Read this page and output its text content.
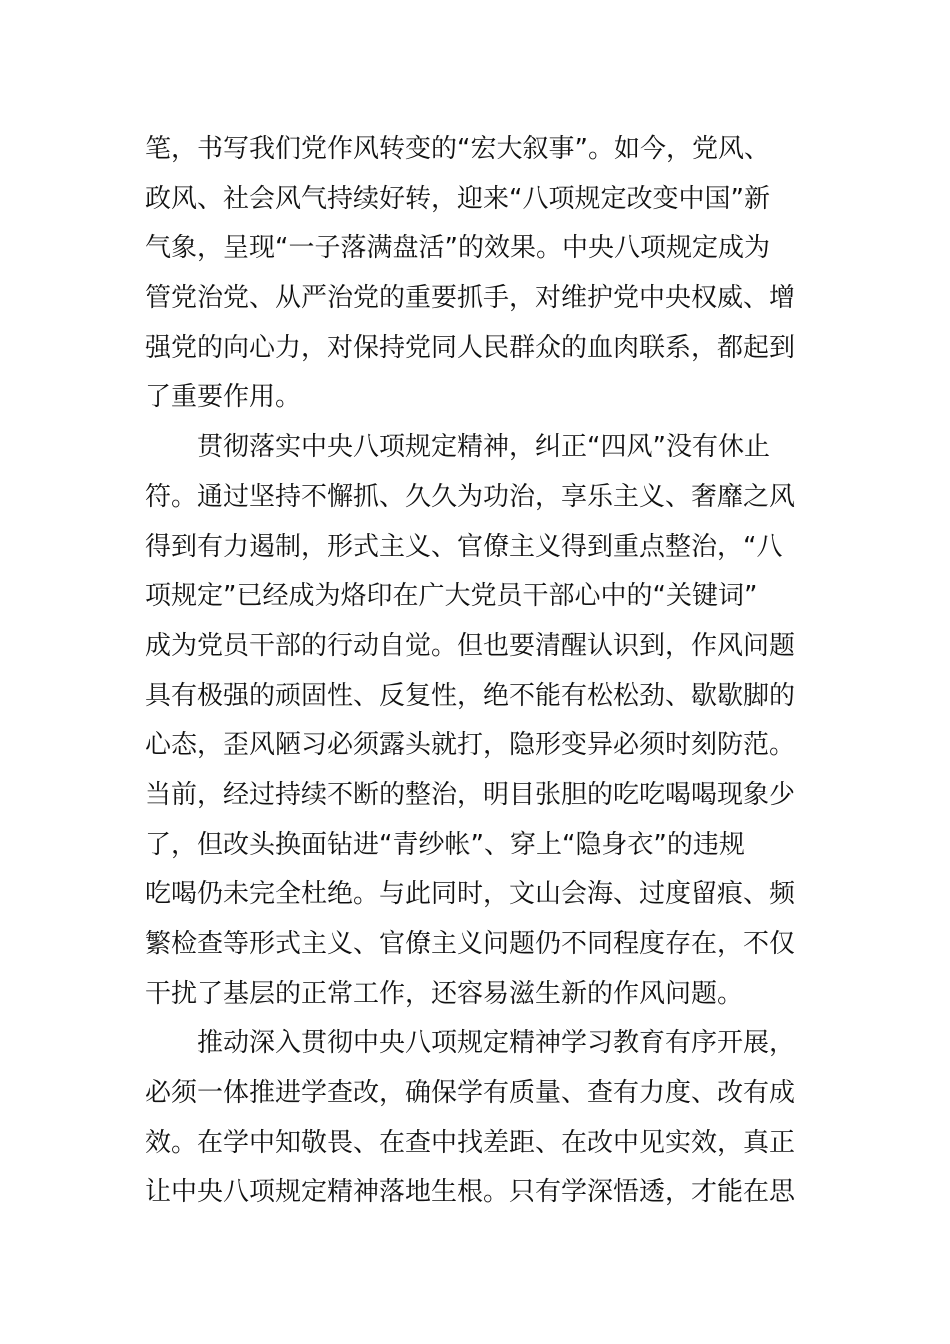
笔，书写我们党作风转变的“宏大叙事”。如今，党风、
政风、社会风气持续好转，迎来“八项规定改变中国”新
气象，呈现“一子落满盘活”的效果。中央八项规定成为
管党治党、从严治党的重要抓手，对维护党中央权威、增
强党的向心力，对保持党同人民群众的血肉联系，都起到
了重要作用。
贯彻落实中央八项规定精神，纠正“四风”没有休止
符。通过坚持不懈抓、久久为功治，享乐主义、奢靡之风
得到有力遏制，形式主义、官僚主义得到重点整治，“八
项规定”已经成为烙印在广大党员干部心中的“关键词”
成为党员干部的行动自觉。但也要清醒认识到，作风问题
具有极强的顽固性、反复性，绝不能有松松劲、歇歇脚的
心态，歪风陋习必须露头就打，隐形变异必须时刻防范。
当前，经过持续不断的整治，明目张胆的吃吃喝喝现象少
了，但改头换面钻进“青纱帐”、穿上“隐身衣”的违规
吃喝仍未完全杜绝。与此同时，文山会海、过度留痕、频
繁检查等形式主义、官僚主义问题仍不同程度存在，不仅
干扰了基层的正常工作，还容易滋生新的作风问题。
推动深入贯彻中央八项规定精神学习教育有序开展，
必须一体推进学查改，确保学有质量、查有力度、改有成
效。在学中知敬畏、在查中找差距、在改中见实效，真正
让中央八项规定精神落地生根。只有学深悟透，才能在思
